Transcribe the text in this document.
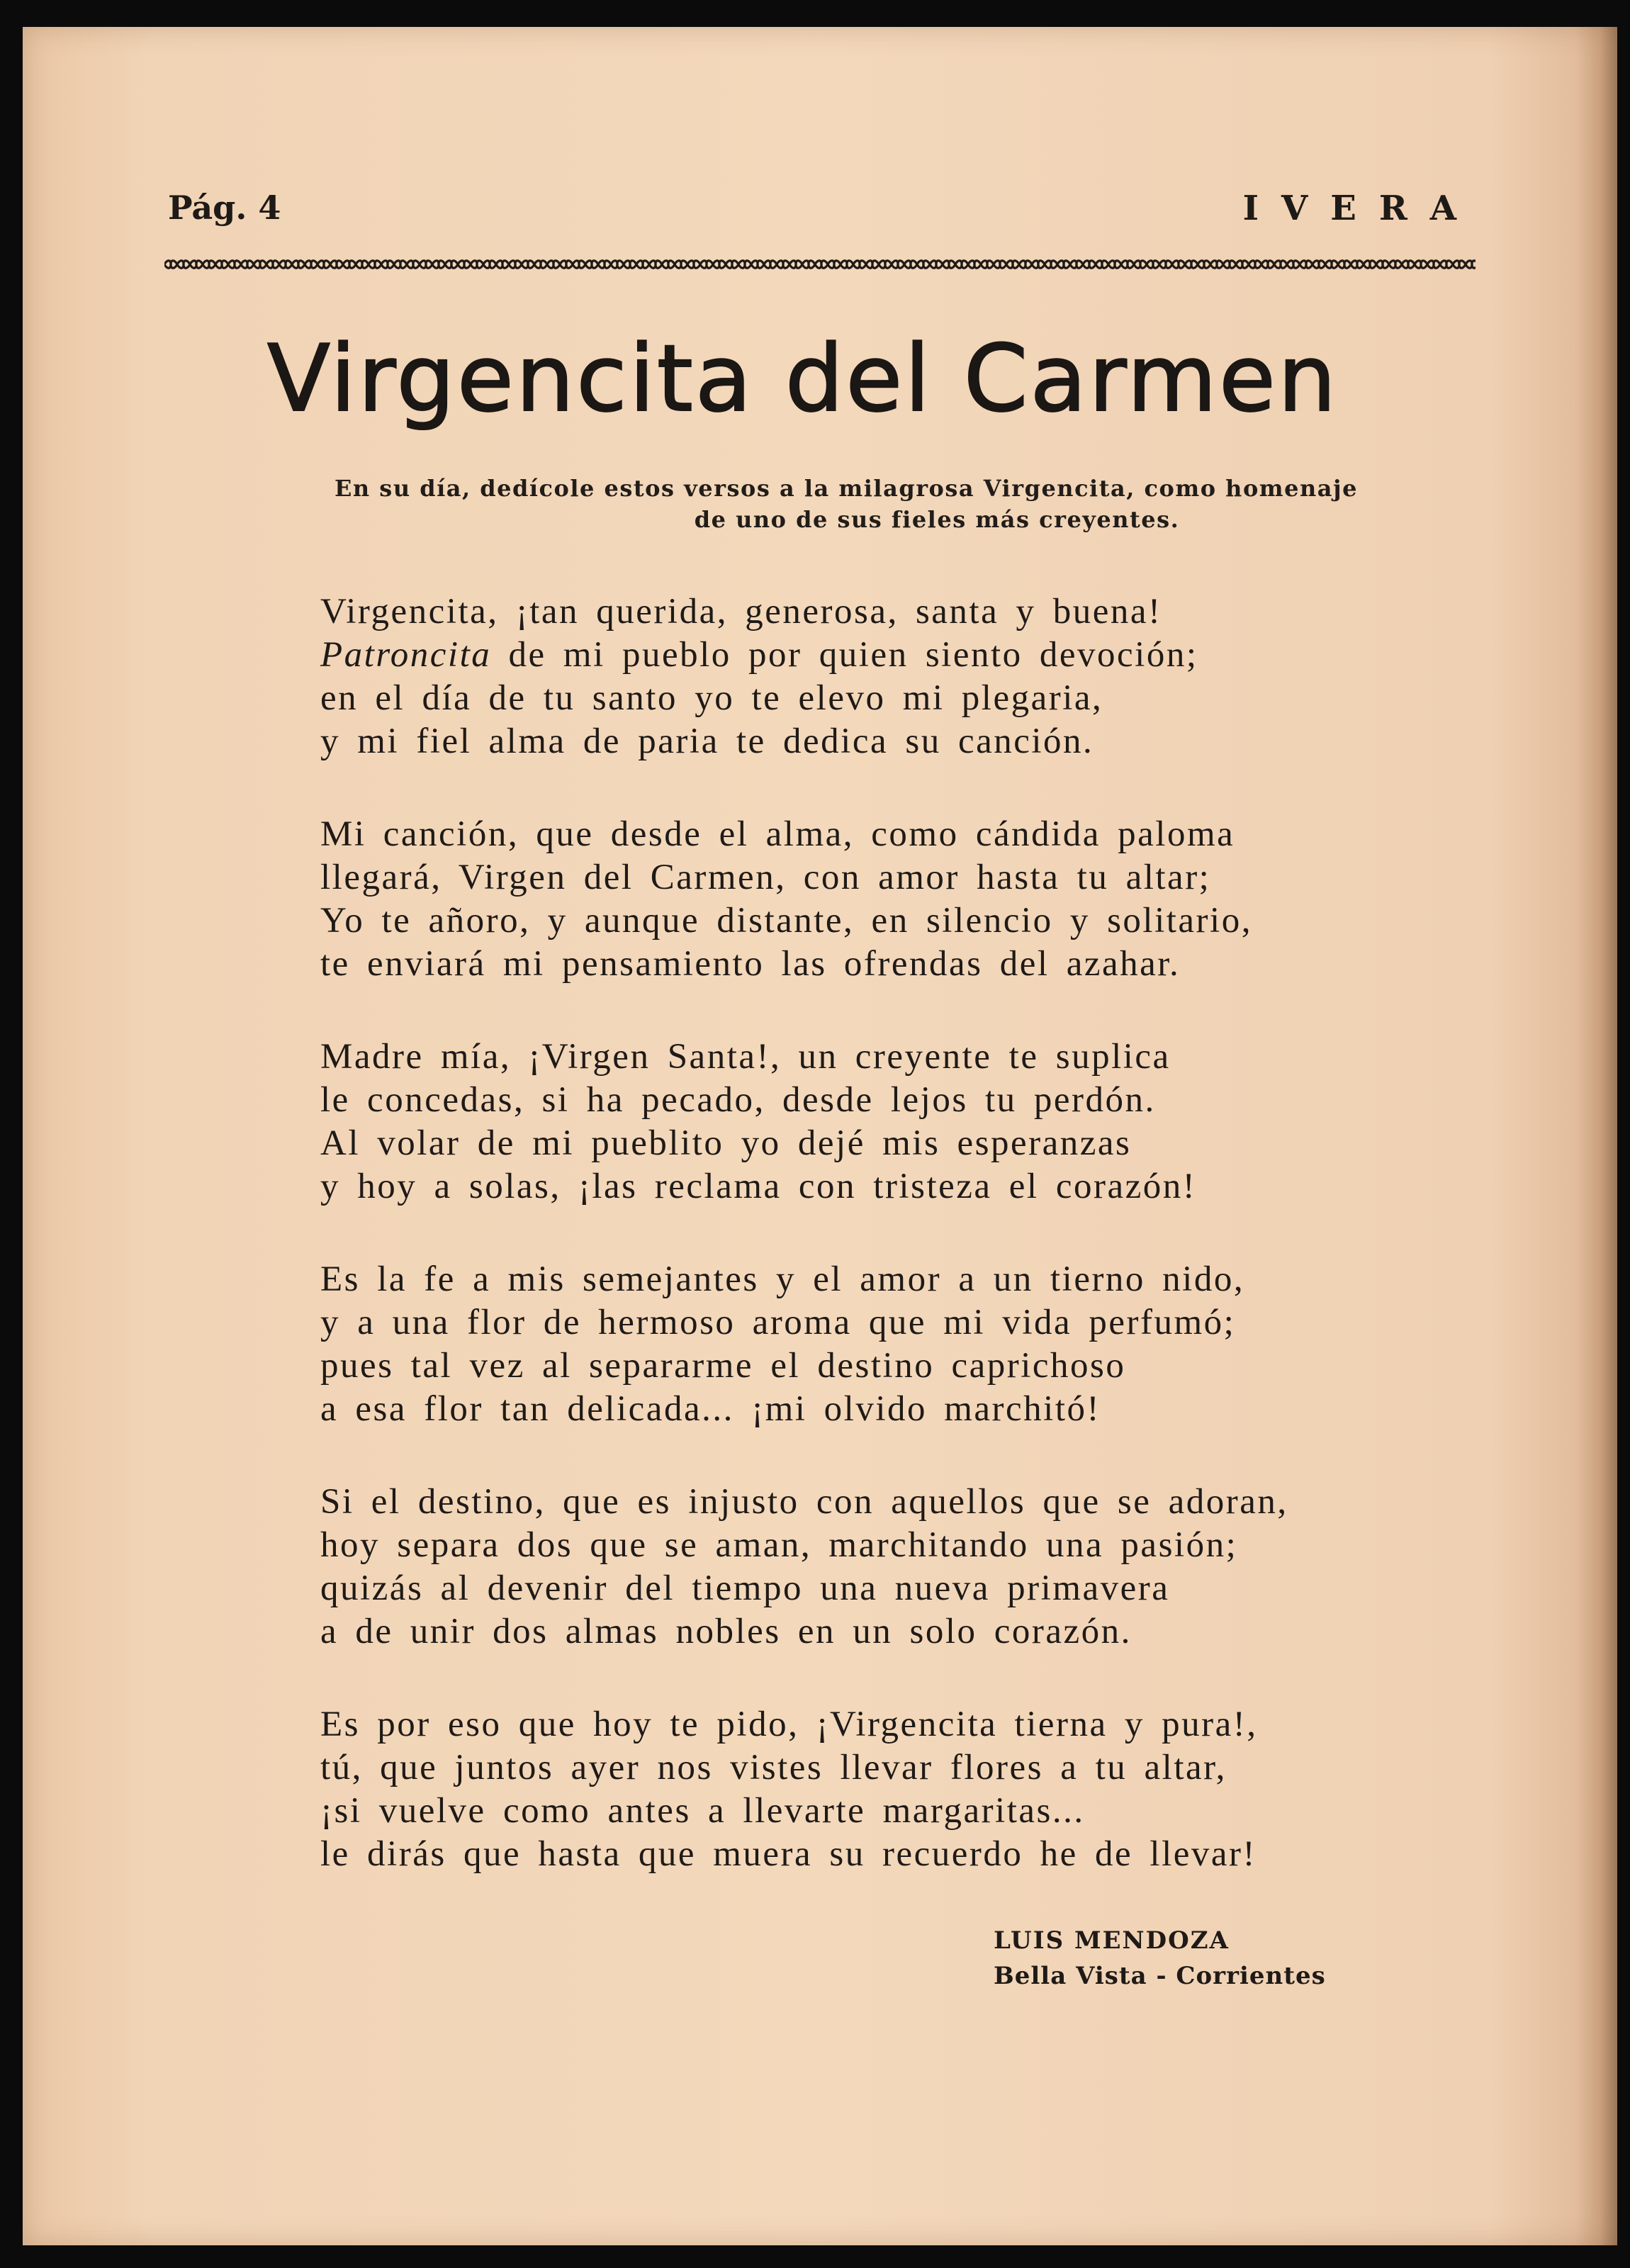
Pág. 4	IVERA
Virgencita del Carmen
En su día, dedícole estos versos a la milagrosa Virgencita, como homenaje
de uno de sus fieles más creyentes.
Virgencita, ¡tan querida, generosa, santa y buena!
Patroncita de mi pueblo por quien siento devoción;
en el día de tu santo yo te elevo mi plegaria,
y mi fiel alma de paria te dedica su canción.
Mi canción, que desde el alma, como cándida paloma
llegará, Virgen del Carmen, con amor hasta tu altar;
Yo te añoro, y aunque distante, en silencio y solitario,
te enviará mi pensamiento las ofrendas del azahar.
Madre mía, ¡Virgen Santa!, un creyente te suplica
le concedas, si ha pecado, desde lejos tu perdón.
Al volar de mi pueblito yo dejé mis esperanzas
y hoy a solas, ¡las reclama con tristeza el corazón!
Es la fe a mis semejantes y el amor a un tierno nido,
y a una flor de hermoso aroma que mi vida perfumó;
pues tal vez al separarme el destino caprichoso
a esa flor tan delicada... ¡mi olvido marchitó!
Si el destino, que es injusto con aquellos que se adoran,
hoy separa dos que se aman, marchitando una pasión;
quizás al devenir del tiempo una nueva primavera
a de unir dos almas nobles en un solo corazón.
Es por eso que hoy te pido, ¡Virgencita tierna y pura!,
tú, que juntos ayer nos vistes llevar flores a tu altar,
¡si vuelve como antes a llevarte margaritas...
le dirás que hasta que muera su recuerdo he de llevar!
LUIS MENDOZA
Bella Vista - Corrientes
